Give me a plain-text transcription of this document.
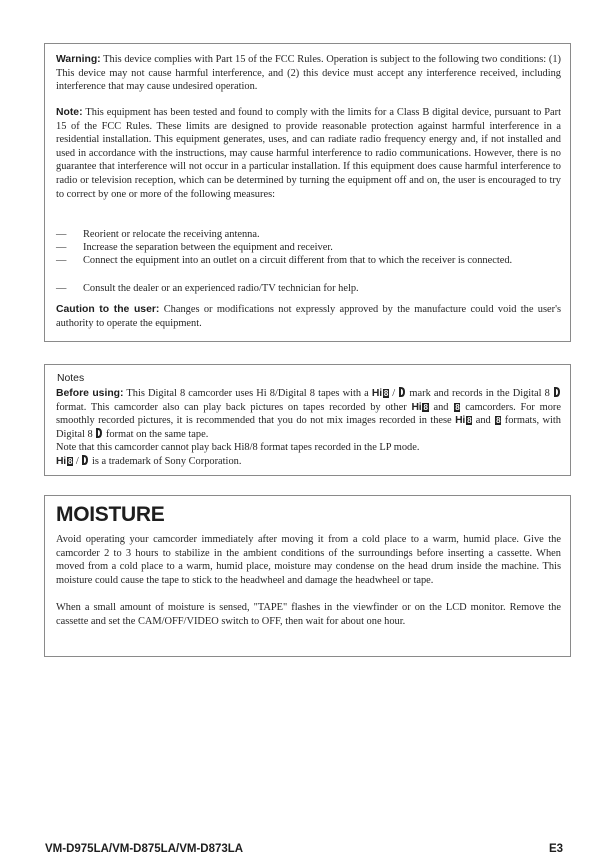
Warning: This device complies with Part 15 of the FCC Rules. Operation is subject to the following two conditions: (1) This device may not cause harmful interference, and (2) this device must accept any interference received, including interference that may cause undesired operation.

Note: This equipment has been tested and found to comply with the limits for a Class B digital device, pursuant to Part 15 of the FCC Rules. These limits are designed to provide reasonable protection against harmful interference in a residential installation. This equipment generates, uses, and can radiate radio frequency energy and, if not installed and used in accordance with the instructions, may cause harmful interference to radio communications. However, there is no guarantee that interference will not occur in a particular installation. If this equipment does cause harmful interference to radio or television reception, which can be determined by turning the equipment off and on, the user is encouraged to try to correct by one or more of the following measures:

— Reorient or relocate the receiving antenna.
— Increase the separation between the equipment and receiver.
— Connect the equipment into an outlet on a circuit different from that to which the receiver is connected.
— Consult the dealer or an experienced radio/TV technician for help.

Caution to the user: Changes or modifications not expressly approved by the manufacture could void the user's authority to operate the equipment.

Notes

Before using: This Digital 8 camcorder uses Hi 8/Digital 8 tapes with a Hi 8 /  mark and records in the Digital 8  format. This camcorder also can play back pictures on tapes recorded by other Hi 8 and 8 camcorders. For more smoothly recorded pictures, it is recommended that you do not mix images recorded in these Hi 8 and 8 formats, with Digital 8 format on the same tape.
Note that this camcorder cannot play back Hi8/8 format tapes recorded in the LP mode.
Hi 8 /  is a trademark of Sony Corporation.

MOISTURE

Avoid operating your camcorder immediately after moving it from a cold place to a warm, humid place. Give the camcorder 2 to 3 hours to stabilize in the ambient conditions of the surroundings before inserting a cassette. When moved from a cold place to a warm, humid place, moisture may condense on the head drum inside the machine. This moisture could cause the tape to stick to the headwheel and damage the headwheel or tape.

When a small amount of moisture is sensed, "TAPE" flashes in the viewfinder or on the LCD monitor. Remove the cassette and set the CAM/OFF/VIDEO switch to OFF, then wait for about one hour.

VM-D975LA/VM-D875LA/VM-D873LA	E3
